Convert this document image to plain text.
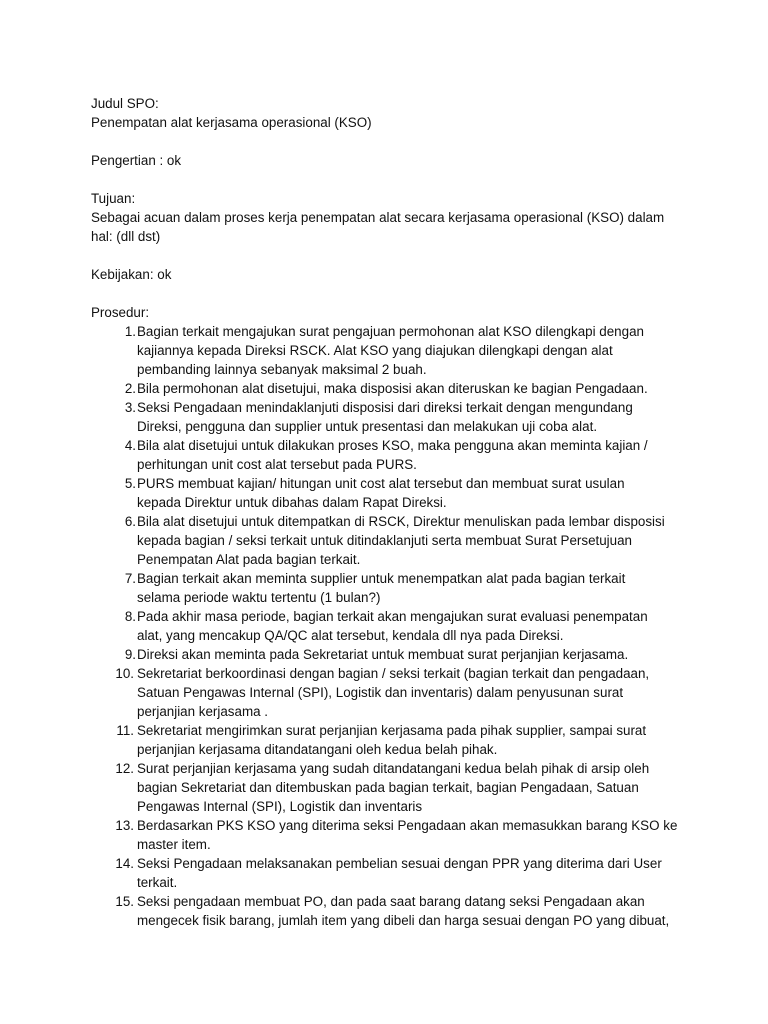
Judul SPO:
Penempatan alat kerjasama operasional (KSO)
Pengertian : ok
Tujuan:
Sebagai acuan dalam proses kerja penempatan alat secara kerjasama operasional (KSO) dalam
hal: (dll dst)
Kebijakan: ok
Prosedur:
1. Bagian terkait mengajukan surat pengajuan permohonan alat KSO dilengkapi dengan
kajiannya kepada Direksi RSCK. Alat KSO yang diajukan dilengkapi dengan alat
pembanding lainnya sebanyak maksimal 2 buah.
2. Bila permohonan alat disetujui, maka disposisi akan diteruskan ke bagian Pengadaan.
3. Seksi Pengadaan menindaklanjuti disposisi dari direksi terkait dengan mengundang
Direksi, pengguna dan supplier untuk presentasi dan melakukan uji coba alat.
4. Bila alat disetujui untuk dilakukan proses KSO, maka pengguna akan meminta kajian /
perhitungan unit cost alat tersebut pada PURS.
5. PURS membuat kajian/ hitungan unit cost alat tersebut dan membuat surat usulan
kepada Direktur untuk dibahas dalam Rapat Direksi.
6. Bila alat disetujui untuk ditempatkan di RSCK, Direktur menuliskan pada lembar disposisi
kepada bagian / seksi terkait untuk ditindaklanjuti serta membuat Surat Persetujuan
Penempatan Alat pada bagian terkait.
7. Bagian terkait akan meminta supplier untuk menempatkan alat pada bagian terkait
selama periode waktu tertentu (1 bulan?)
8. Pada akhir masa periode, bagian terkait akan mengajukan surat evaluasi penempatan
alat, yang mencakup QA/QC alat tersebut, kendala dll nya pada Direksi.
9. Direksi akan meminta pada Sekretariat untuk membuat surat perjanjian kerjasama.
10. Sekretariat berkoordinasi dengan bagian / seksi terkait (bagian terkait dan pengadaan,
Satuan Pengawas Internal (SPI), Logistik dan inventaris) dalam penyusunan surat
perjanjian kerjasama .
11. Sekretariat mengirimkan surat perjanjian kerjasama pada pihak supplier, sampai surat
perjanjian kerjasama ditandatangani oleh kedua belah pihak.
12. Surat perjanjian kerjasama yang sudah ditandatangani kedua belah pihak di arsip oleh
bagian Sekretariat dan ditembuskan pada bagian terkait, bagian Pengadaan, Satuan
Pengawas Internal (SPI), Logistik dan inventaris
13. Berdasarkan PKS KSO yang diterima seksi Pengadaan akan memasukkan barang KSO ke
master item.
14. Seksi Pengadaan melaksanakan pembelian sesuai dengan PPR yang diterima dari User
terkait.
15. Seksi pengadaan membuat PO, dan pada saat barang datang seksi Pengadaan akan
mengecek fisik barang, jumlah item yang dibeli dan harga sesuai dengan PO yang dibuat,
